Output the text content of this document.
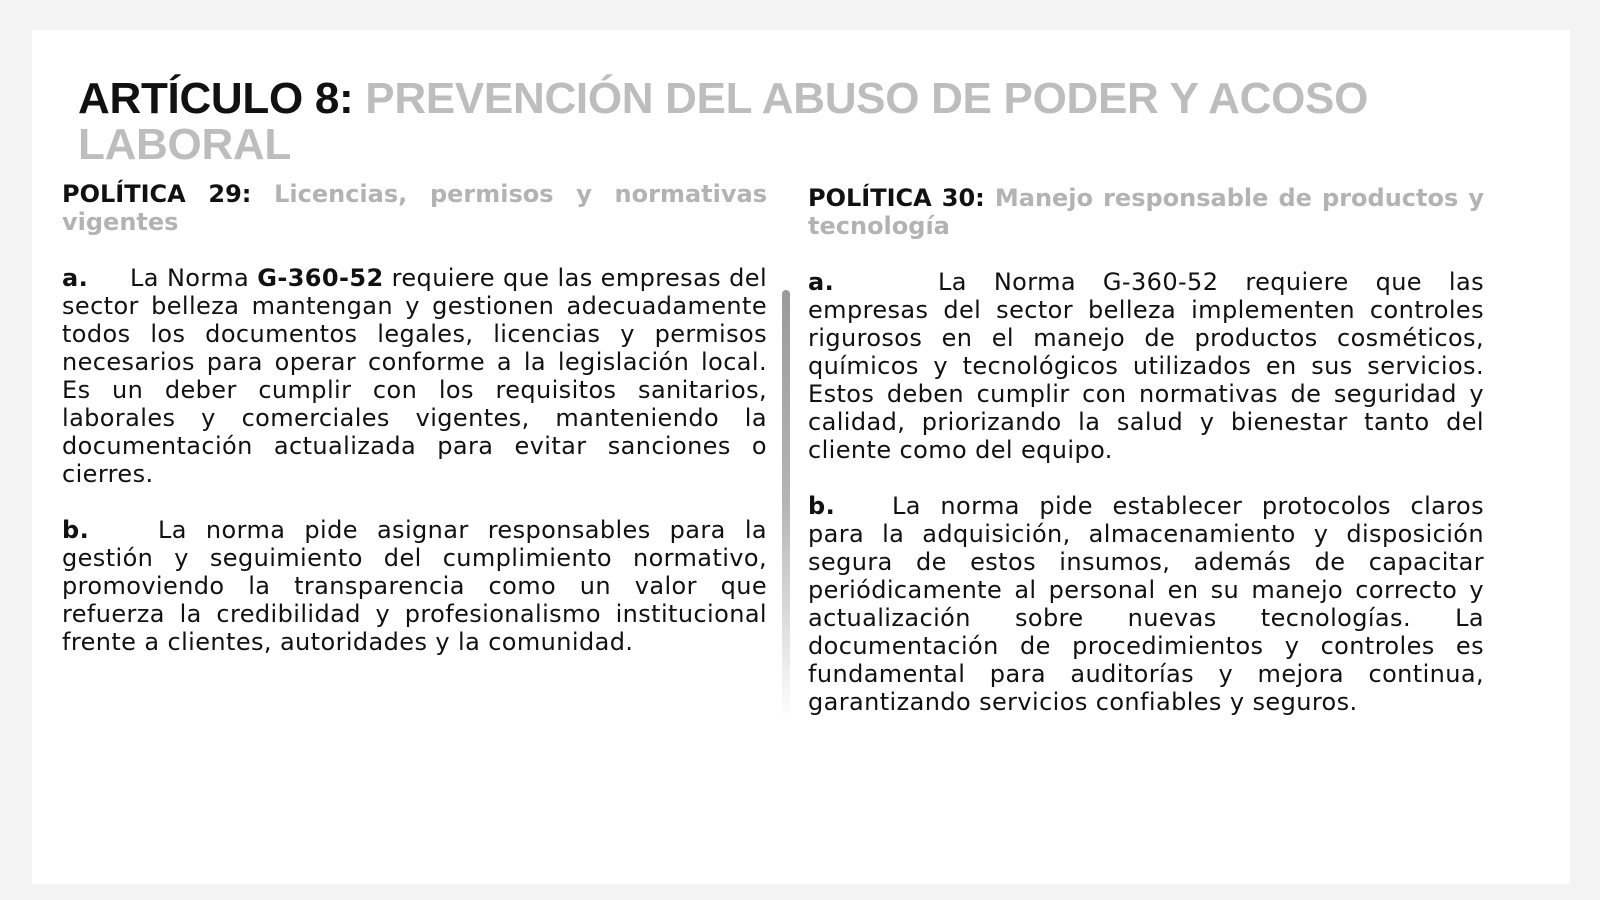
ARTÍCULO 8: PREVENCIÓN DEL ABUSO DE PODER Y ACOSO LABORAL
POLÍTICA 29: Licencias, permisos y normativas vigentes

a. La Norma G-360-52 requiere que las empresas del sector belleza mantengan y gestionen adecuadamente todos los documentos legales, licencias y permisos necesarios para operar conforme a la legislación local. Es un deber cumplir con los requisitos sanitarios, laborales y comerciales vigentes, manteniendo la documentación actualizada para evitar sanciones o cierres.

b.	La norma pide asignar responsables para la gestión y seguimiento del cumplimiento normativo, promoviendo la transparencia como un valor que refuerza la credibilidad y profesionalismo institucional frente a clientes, autoridades y la comunidad.

POLÍTICA 30: Manejo responsable de productos y tecnología

a.	La Norma G-360-52 requiere que las empresas del sector belleza implementen controles rigurosos en el manejo de productos cosméticos, químicos y tecnológicos utilizados en sus servicios. Estos deben cumplir con normativas de seguridad y calidad, priorizando la salud y bienestar tanto del cliente como del equipo.

b. La norma pide establecer protocolos claros para la adquisición, almacenamiento y disposición segura de estos insumos, además de capacitar periódicamente al personal en su manejo correcto y actualización sobre nuevas tecnologías. La documentación de procedimientos y controles es fundamental para auditorías y mejora continua, garantizando servicios confiables y seguros.
